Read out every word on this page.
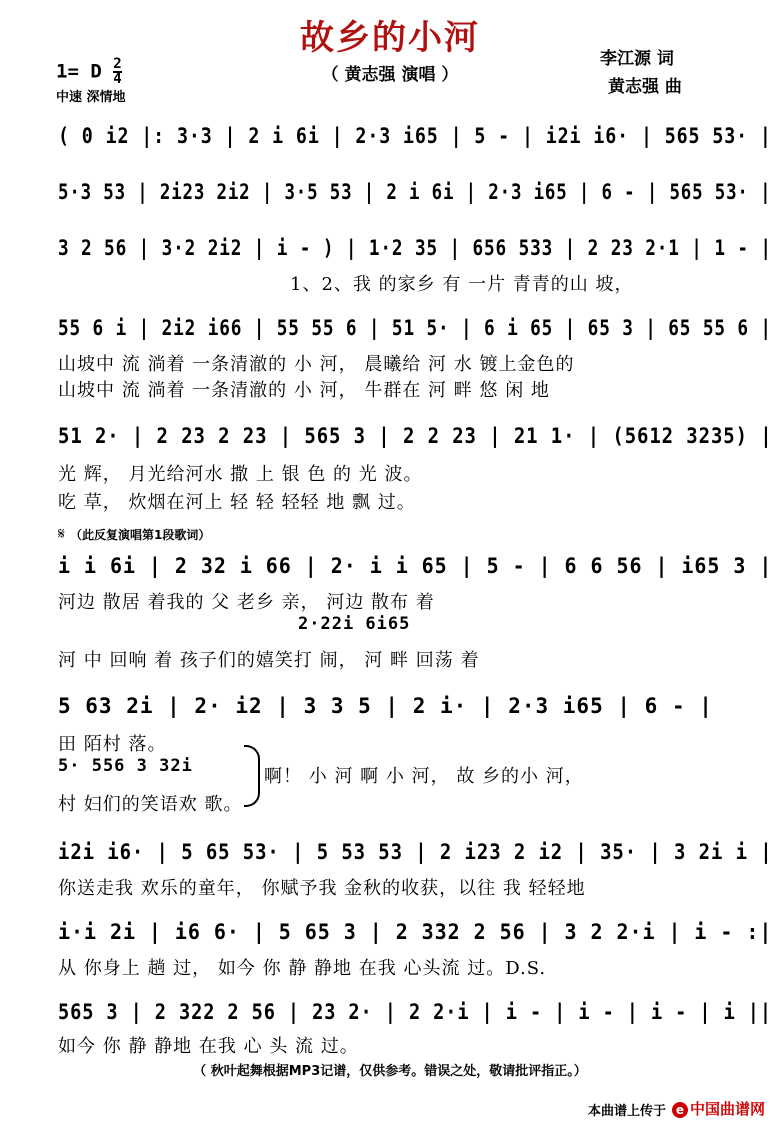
故乡的小河
（ 黄志强 演唱 ）
1= D $\frac{2}{4}$
中速 深情地
李江源 词
黄志强 曲
( 0 i2 |: 3·3 | 2 i 6i | 2·3 i65 | 5 - | i2i i6· | 565 53· |
5·3 53 | 2i23 2i2 | 3·5 53 | 2 i 6i | 2·3 i65 | 6 - | 565 53· |
3 2 56 | 3·2 2i2 | i - ) | 1·2 35 | 656 533 | 2 23 2·1 | 1 - |
1、2、我 的家乡 有 一片 青青的山 坡，
55 6 i | 2i2 i66 | 55 55 6 | 51 5· | 6 i 65 | 65 3 | 65 55 6 |
山坡中 流 淌着 一条清澈的 小 河， 晨曦给 河 水 镀上金色的
山坡中 流 淌着 一条清澈的 小 河， 牛群在 河 畔 悠 闲 地
51 2· | 2 23 2 23 | 565 3 | 2 2 23 | 21 1· | (5612 3235) |
光 辉， 月光给河水 撒 上 银 色 的 光 波。
吃 草， 炊烟在河上 轻 轻 轻轻 地 飘 过。
𝄋 （此反复演唱第1段歌词）
i i 6i | 2 32 i 66 | 2· i i 65 | 5 - | 6 6 56 | i65 3 |
河边 散居 着我的 父 老乡 亲， 河边 散布 着
2·22i 6i65
河 中 回响 着 孩子们的嬉笑打 闹， 河 畔 回荡 着
5 63 2i | 2· i2 | 3 3 5 | 2 i· | 2·3 i65 | 6 - |
田 陌村 落。
5· 556 3 32i
村 妇们的笑语欢 歌。
啊！ 小 河 啊 小 河， 故 乡的小 河，
i2i i6· | 5 65 53· | 5 53 53 | 2 i23 2 i2 | 35· | 3 2i i |
你送走我 欢乐的童年， 你赋予我 金秋的收获，以往 我 轻轻地
i·i 2i | i6 6· | 5 65 3 | 2 332 2 56 | 3 2 2·i | i - :|
从 你身上 趟 过， 如今 你 静 静地 在我 心头流 过。D.S.
565 3 | 2 322 2 56 | 23 2· | 2 2·i | i - | i - | i - | i ||
如今 你 静 静地 在我 心 头 流 过。
（ 秋叶起舞根据MP3记谱，仅供参考。错误之处，敬请批评指正。）
本曲谱上传于 e 中国曲谱网
